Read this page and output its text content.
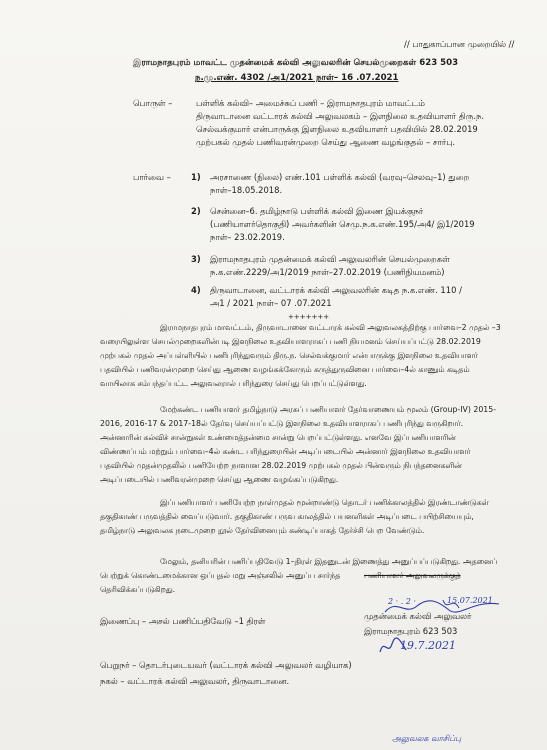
// பாதுகாப்பான முறையில் //
இராமநாதபுரம் மாவட்ட முதன்மைக் கல்வி அலுவலரின் செயல்முறைகள் 623 503
ந.மு.எண். 4302 /அ1/2021 நாள்– 16 .07.2021
பொருள் –	பள்ளிக் கல்வி– அமைச்சுப் பணி – இராமநாதபுரம் மாவட்டம்
திருவாடானை வட்டாரக் கல்வி அலுவலகம் – இளநிலை உதவியாளர் திரு.ந.
செல்வக்குமார் என்பாருக்கு இளநிலை உதவியாளர் பதவியில் 28.02.2019
முற்பகல் முதல் பணிவரன்முறை செய்து ஆணை வழங்குதல் – சார்பு.
பார்வை – 1) அரசாணை (நிலை) எண்.101 பள்ளிக் கல்வி (வரவு–செலவு–1) துறை
நாள்–18.05.2018.
2) சென்னை–6. தமிழ்நாடு பள்ளிக் கல்வி இணை இயக்குநர்
(பணியாளர்தொகுதி) அவர்களின் செமு.ந.க.எண்.195/அ4/ இ1/2019
நாள்– 23.02.2019.
3) இராமநாதபுரம் முதன்மைக் கல்வி அலுவலரின் செயல்முறைகள்
ந.க.எண்.2229/அ1/2019 நாள்–27.02.2019 (பணிநியமனம்)
4) திருவாடானை, வட்டாரக் கல்வி அலுவலரின் கடித ந.க.எண். 110 /
அ1 / 2021 நாள்– 07 .07.2021
+++++++
இராமநாதபுரம் மாவட்டம், திருவாடானை வட்டாரக் கல்வி அலுவலகத்திற்கு பார்வை–2 முதல் –3
வரையிலுள்ள செயல்முறைகளின்படி இளநிலை உதவியாளராகப் பணி நியமனம் செய்யப்பட்டு 28.02.2019
முற்பகல் முதல் அப்பள்ளியில் பணிபுரிந்துவரும் திரு.ந. செல்வக்குமார் என்பாருக்கு இளநிலை உதவியாளர்
பதவியில் பணிவரன்முறை செய்து ஆணை வழங்கக்கோரும் கருத்துருவினை பார்வை–4ல் காணும் கடிதம்
வாயிலாக சம்பந்தப்பட்ட அலுவலரால் பரிந்துரை செய்து பெறப்பட்டுள்ளது.
மேற்கண்ட பணியாளர் தமிழ்நாடு அரசுப் பணியாளர் தேர்வாணையம் மூலம் (Group-IV) 2015-
2016, 2016-17 & 2017-18ல் தேர்வு செய்யப்பட்டு இளநிலை உதவியாளராகப் பணிபுரிந்து வருகிறார்.
அன்னாரின் கல்விச் சான்றுகள் உண்மைத்தன்மை சான்று பெறப்பட்டுள்ளது. எனவே இப்பணியாளரின்
விண்ணப்பம் மற்றும் பார்வை–4ல் கண்ட பரிந்துரையின் அடிப்படையில் அன்னார் இளநிலை உதவியாளர்
பதவியில் முதன்முதலில் பணியேற்ற நாளான 28.02.2019 முற்பகல் முதல் பின்வரும் நிபந்தனைகளின்
அடிப்படையில் பணிவரன்முறை செய்து ஆணை வழங்கப்படுகிறது.
இப்பணியாளர் பணியேற்ற நாள்முதல் மூன்றாண்டு தொடர் பணிக்காலத்தில் இரண்டாண்டுகள்
தகுதிகாண் பருவத்தில் வைப்படுவார். தகுதிகாண் பருவ காலத்தில் பயனளிகள் அடிப்படை பயிற்சியையும்,
தமிழ்நாடு அலுவலக நடைமுறை நூல் தேர்வினையும் கண்டிப்பாகத் தேர்ச்சி பெற வேண்டும்.
மேலும், தனியரின் பணிப்பதிவேடு 1–திரள் இதனுடன் இணைத்து அனுப்பப்படுகிறது. அதனைப்
பெற்றுக் கொண்டமைக்கான ஒப்புதல் மறு அஞ்சலில் அனுப்ப சார்ந்த	பணியாளர் அலுவலருக்குத்
தெரிவிக்கப்படுகிறது.
2 · . 2 ·	15.07.2021
முதன்மைக் கல்வி அலுவலர்
இணைப்பு – அசல் பணிப்பதிவேடு –1 திரள்
இராமநாதபுரம் 623 503
19.7.2021
பெறுநர் – தொடர்புடையவர் (வட்டாரக் கல்வி அலுவலர் வழியாக)
நகல் – வட்டாரக் கல்வி அலுவலர், திருவாடானை.
அலுவலக வாசிப்பு
